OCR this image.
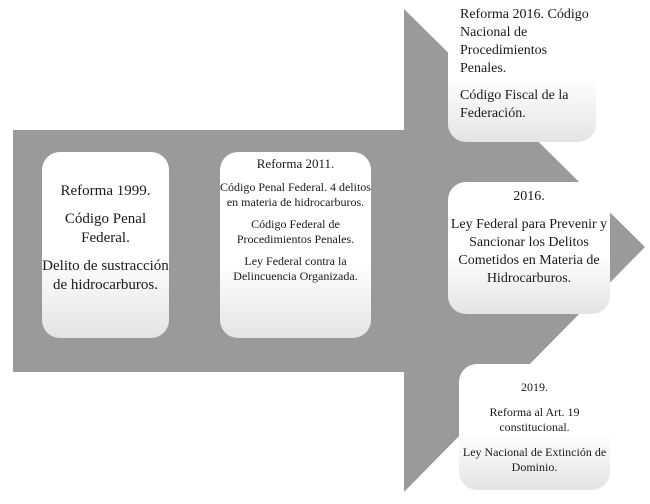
Reforma 1999.

Código Penal Federal.

Delito de sustracción de hidrocarburos.

Reforma 2011.

Código Penal Federal. 4 delitos en materia de hidrocarburos.

Código Federal de Procedimientos Penales.

Ley Federal contra la Delincuencia Organizada.

Reforma 2016. Código Nacional de Procedimientos Penales.

Código Fiscal de la Federación.

2016.

Ley Federal para Prevenir y Sancionar los Delitos Cometidos en Materia de Hidrocarburos.

2019.

Reforma al Art. 19 constitucional.

Ley Nacional de Extinción de Dominio.
